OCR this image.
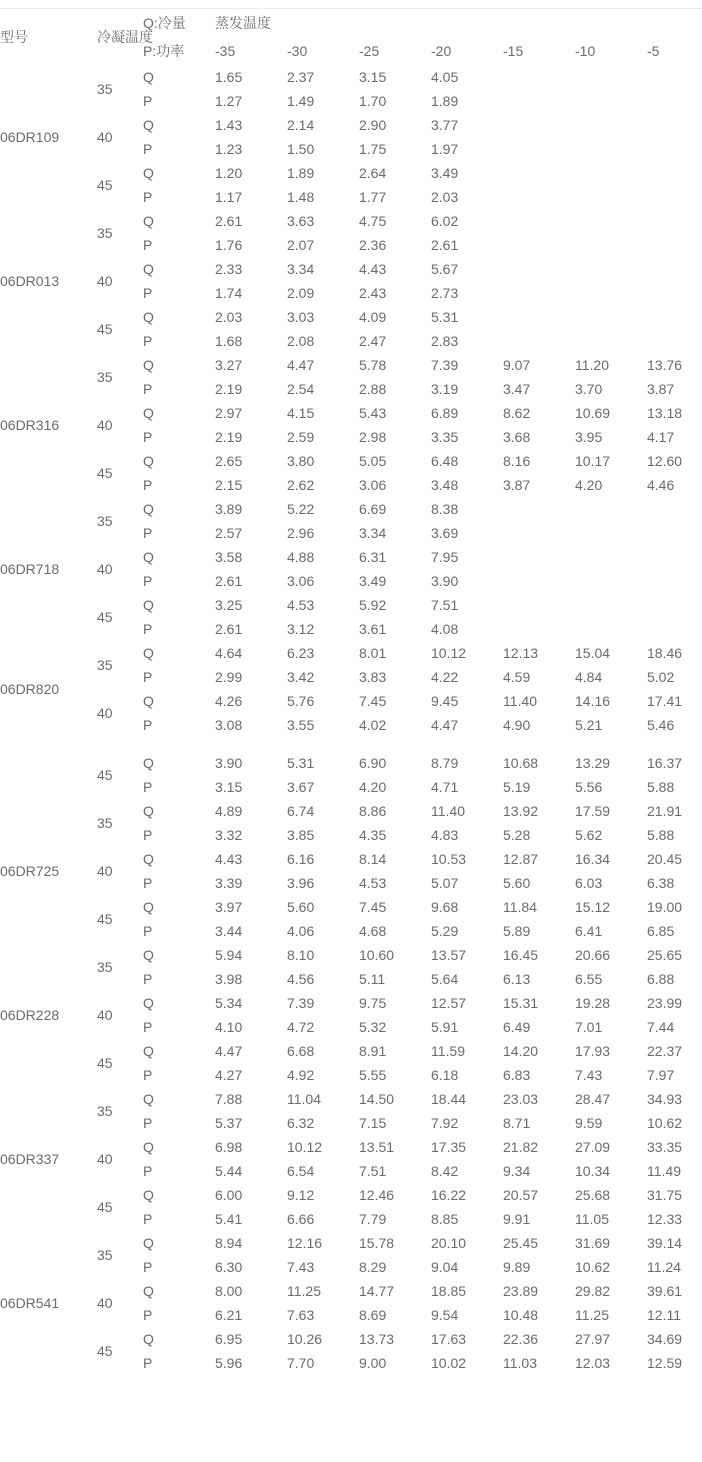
型号	冷凝温度	Q:冷量
P:功率	蒸发温度						
			-35	-30	-25	-20	-15	-10	-5
06DR109	35	Q	1.65	2.37	3.15	4.05			
		P	1.27	1.49	1.70	1.89			
	40	Q	1.43	2.14	2.90	3.77			
		P	1.23	1.50	1.75	1.97			
	45	Q	1.20	1.89	2.64	3.49			
		P	1.17	1.48	1.77	2.03			
06DR013	35	Q	2.61	3.63	4.75	6.02			
		P	1.76	2.07	2.36	2.61			
	40	Q	2.33	3.34	4.43	5.67			
		P	1.74	2.09	2.43	2.73			
	45	Q	2.03	3.03	4.09	5.31			
		P	1.68	2.08	2.47	2.83			
06DR316	35	Q	3.27	4.47	5.78	7.39	9.07	11.20	13.76
		P	2.19	2.54	2.88	3.19	3.47	3.70	3.87
	40	Q	2.97	4.15	5.43	6.89	8.62	10.69	13.18
		P	2.19	2.59	2.98	3.35	3.68	3.95	4.17
	45	Q	2.65	3.80	5.05	6.48	8.16	10.17	12.60
		P	2.15	2.62	3.06	3.48	3.87	4.20	4.46
06DR718	35	Q	3.89	5.22	6.69	8.38			
		P	2.57	2.96	3.34	3.69			
	40	Q	3.58	4.88	6.31	7.95			
		P	2.61	3.06	3.49	3.90			
	45	Q	3.25	4.53	5.92	7.51			
		P	2.61	3.12	3.61	4.08			
06DR820	35	Q	4.64	6.23	8.01	10.12	12.13	15.04	18.46
		P	2.99	3.42	3.83	4.22	4.59	4.84	5.02
	40	Q	4.26	5.76	7.45	9.45	11.40	14.16	17.41
		P	3.08	3.55	4.02	4.47	4.90	5.21	5.46

	45	Q	3.90	5.31	6.90	8.79	10.68	13.29	16.37
		P	3.15	3.67	4.20	4.71	5.19	5.56	5.88
06DR725	35	Q	4.89	6.74	8.86	11.40	13.92	17.59	21.91
		P	3.32	3.85	4.35	4.83	5.28	5.62	5.88
	40	Q	4.43	6.16	8.14	10.53	12.87	16.34	20.45
		P	3.39	3.96	4.53	5.07	5.60	6.03	6.38
	45	Q	3.97	5.60	7.45	9.68	11.84	15.12	19.00
		P	3.44	4.06	4.68	5.29	5.89	6.41	6.85
06DR228	35	Q	5.94	8.10	10.60	13.57	16.45	20.66	25.65
		P	3.98	4.56	5.11	5.64	6.13	6.55	6.88
	40	Q	5.34	7.39	9.75	12.57	15.31	19.28	23.99
		P	4.10	4.72	5.32	5.91	6.49	7.01	7.44
	45	Q	4.47	6.68	8.91	11.59	14.20	17.93	22.37
		P	4.27	4.92	5.55	6.18	6.83	7.43	7.97
06DR337	35	Q	7.88	11.04	14.50	18.44	23.03	28.47	34.93
		P	5.37	6.32	7.15	7.92	8.71	9.59	10.62
	40	Q	6.98	10.12	13.51	17.35	21.82	27.09	33.35
		P	5.44	6.54	7.51	8.42	9.34	10.34	11.49
	45	Q	6.00	9.12	12.46	16.22	20.57	25.68	31.75
		P	5.41	6.66	7.79	8.85	9.91	11.05	12.33
06DR541	35	Q	8.94	12.16	15.78	20.10	25.45	31.69	39.14
		P	6.30	7.43	8.29	9.04	9.89	10.62	11.24
	40	Q	8.00	11.25	14.77	18.85	23.89	29.82	39.61
		P	6.21	7.63	8.69	9.54	10.48	11.25	12.11
	45	Q	6.95	10.26	13.73	17.63	22.36	27.97	34.69
		P	5.96	7.70	9.00	10.02	11.03	12.03	12.59
